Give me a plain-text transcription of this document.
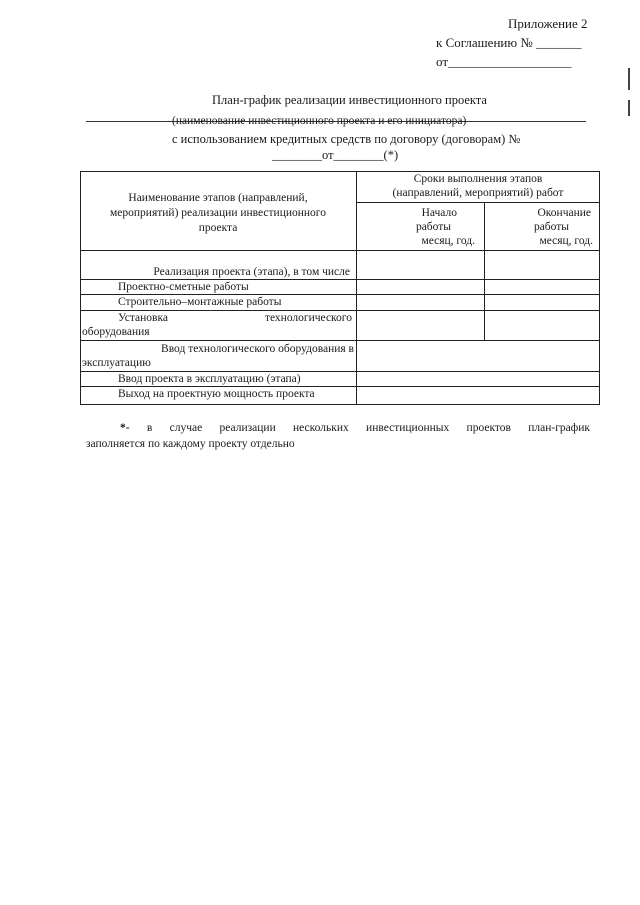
Приложение 2
к Соглашению № _______
от___________________
План-график реализации инвестиционного проекта
(наименование инвестиционного проекта и его инициатора)
с использованием кредитных средств по договору (договорам) №
________от________(*)
Наименование этапов (направлений,
мероприятий) реализации инвестиционного
проекта
Сроки выполнения этапов
(направлений, мероприятий) работ
Начало
работы
месяц, год.
Окончание
работы
месяц, год.
Реализация проекта (этапа), в том числе
Проектно-сметные работы
Строительно–монтажные работы
Установка	технологического
оборудования
Ввод технологического оборудования в
эксплуатацию
Ввод проекта в эксплуатацию (этапа)
Выход на проектную мощность проекта
*- в случае реализации нескольких инвестиционных проектов план-график
заполняется по каждому проекту отдельно
